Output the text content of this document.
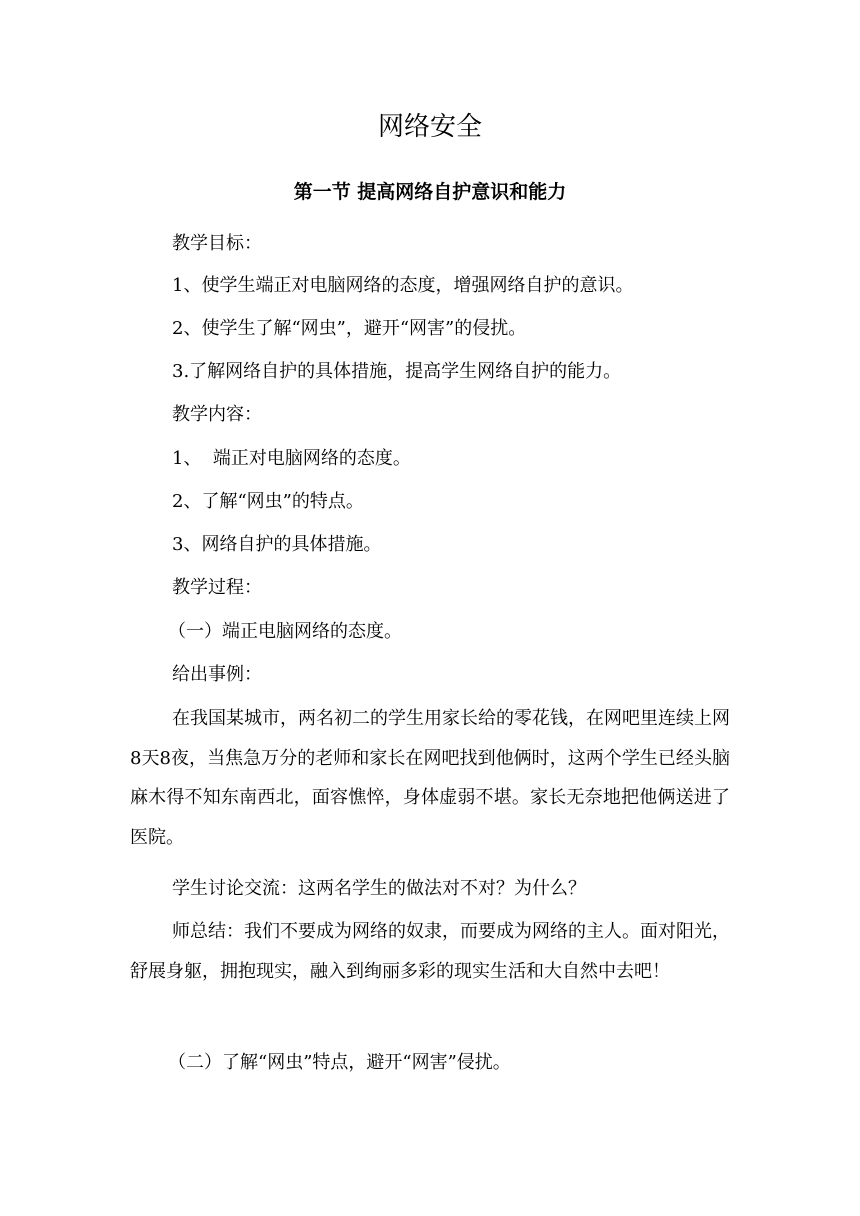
网络安全
第一节 提高网络自护意识和能力
教学目标：
1、使学生端正对电脑网络的态度，增强网络自护的意识。
2、使学生了解“网虫”，避开“网害”的侵扰。
3.了解网络自护的具体措施，提高学生网络自护的能力。
教学内容：
1、  端正对电脑网络的态度。
2、了解“网虫”的特点。
3、网络自护的具体措施。
教学过程：
（一）端正电脑网络的态度。
给出事例：
在我国某城市，两名初二的学生用家长给的零花钱，在网吧里连续上网8天8夜，当焦急万分的老师和家长在网吧找到他俩时，这两个学生已经头脑麻木得不知东南西北，面容憔悴，身体虚弱不堪。家长无奈地把他俩送进了医院。
学生讨论交流：这两名学生的做法对不对？为什么？
师总结：我们不要成为网络的奴隶，而要成为网络的主人。面对阳光，舒展身躯，拥抱现实，融入到绚丽多彩的现实生活和大自然中去吧！
（二）了解“网虫”特点，避开“网害”侵扰。
